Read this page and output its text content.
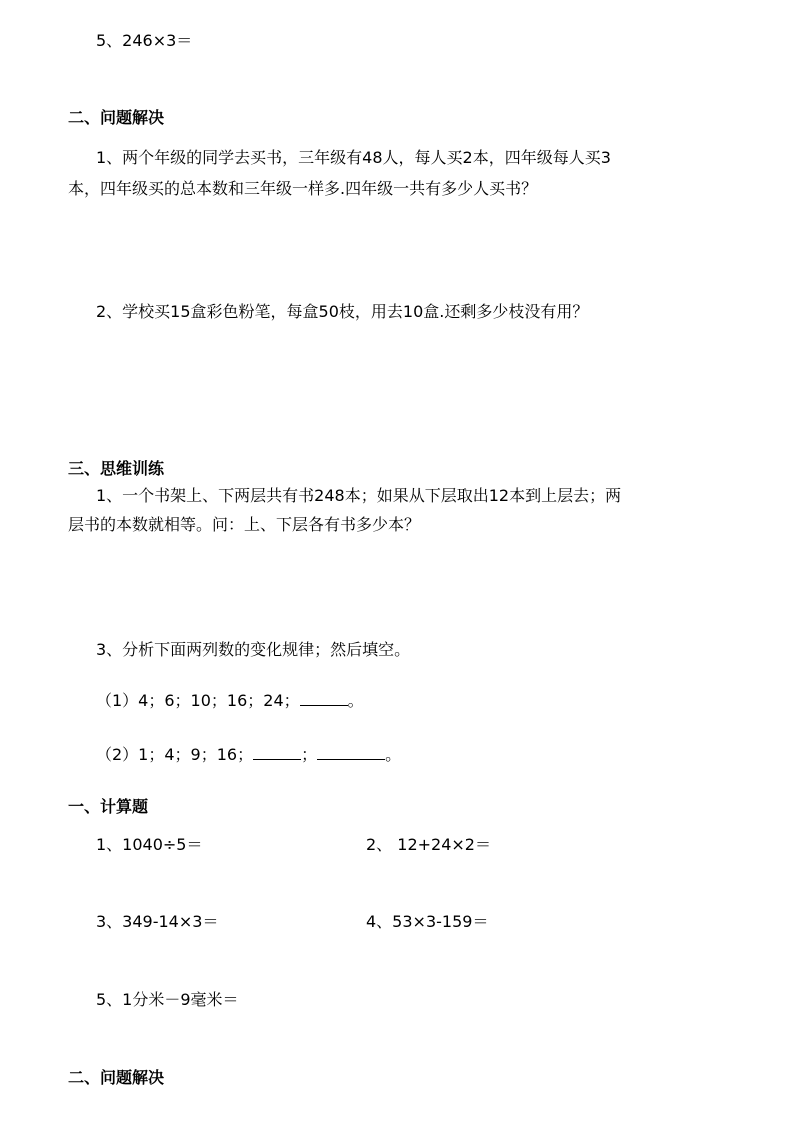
5、246×3＝
二、问题解决
1、两个年级的同学去买书，三年级有48人，每人买2本，四年级每人买3
本，四年级买的总本数和三年级一样多.四年级一共有多少人买书？
2、学校买15盒彩色粉笔，每盒50枝，用去10盒.还剩多少枝没有用？
三、思维训练
1、一个书架上、下两层共有书248本；如果从下层取出12本到上层去；两
层书的本数就相等。问：上、下层各有书多少本？
3、分析下面两列数的变化规律；然后填空。
（1）4；6；10；16；24；	。
（2）1；4；9；16；	；	。
一、计算题
1、1040÷5＝	2、 12+24×2＝
3、349-14×3＝	4、53×3-159＝
5、1分米－9毫米＝
二、问题解决
